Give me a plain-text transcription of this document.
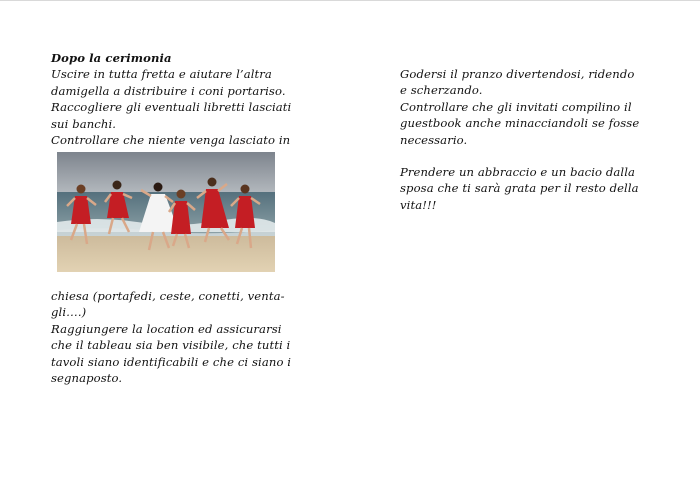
Dopo la cerimonia

Uscire in tutta fretta e aiutare l’altra

damigella a distribuire i coni portariso.

Raccogliere gli eventuali libretti lasciati

sui banchi.

Controllare che niente venga lasciato in

chiesa (portafedi, ceste, conetti, venta-

gli….)

Raggiungere la location ed assicurarsi

che il tableau sia ben visibile, che tutti i

tavoli siano identificabili e che ci siano i

segnaposto.

Godersi il pranzo divertendosi, ridendo

e scherzando.

Controllare che gli invitati compilino il

guestbook anche minacciandoli se fosse

necessario.

Prendere un abbraccio e un bacio dalla

sposa che ti sarà grata per il resto della

vita!!!
